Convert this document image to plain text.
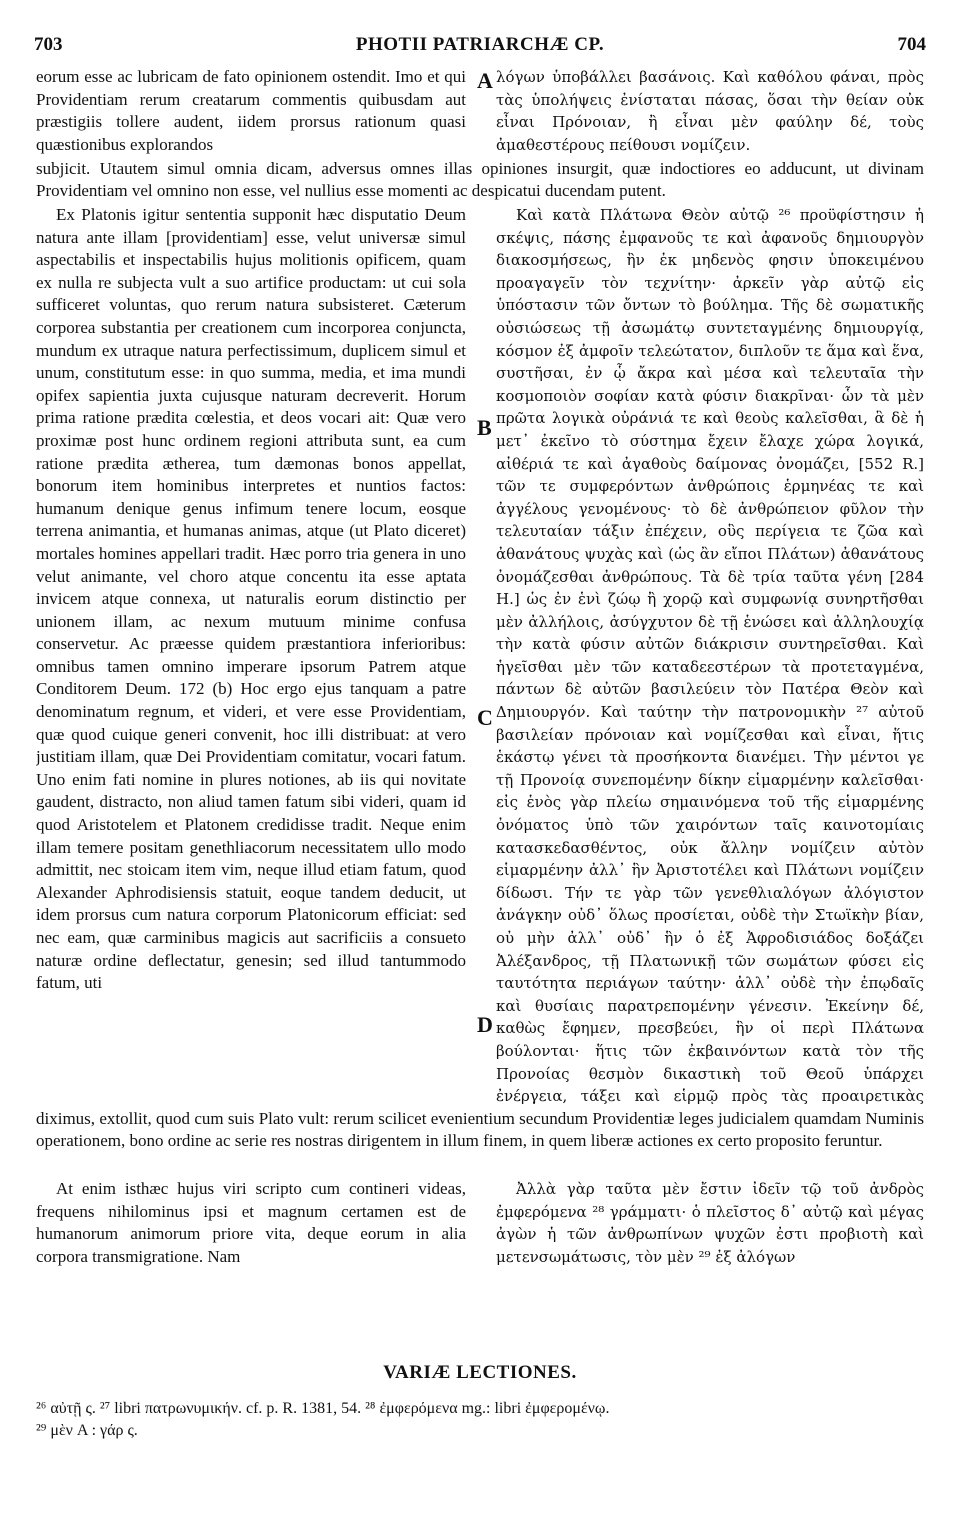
703	PHOTII PATRIARCHÆ CP.	704

eorum esse ac lubricam de fato opinionem ostendit. Imo et qui Providentiam rerum creatarum commentis quibusdam aut præstigiis tollere audent, iidem prorsus rationum quasi quæstionibus explorandos

A λόγων ὑποβάλλει βασάνοις. Καὶ καθόλου φάναι, πρὸς τὰς ὑπολήψεις ἐνίσταται πάσας, ὅσαι τὴν θείαν οὐκ εἶναι Πρόνοιαν, ἢ εἶναι μὲν φαύλην δέ, τοὺς ἀμαθεστέρους πείθουσι νομίζειν.

subjicit. Utautem simul omnia dicam, adversus omnes illas opiniones insurgit, quæ indoctiores eo adducunt, ut divinam Providentiam vel omnino non esse, vel nullius esse momenti ac despicatui ducendam putent.

Ex Platonis igitur sententia supponit hæc disputatio Deum natura ante illam [providentiam] esse, velut universæ simul aspectabilis et inspectabilis hujus molitionis opificem, quam ex nulla re subjecta vult a suo artifice productam: ut cui sola sufficeret voluntas, quo rerum natura subsisteret. Cæterum corporea substantia per creationem cum incorporea conjuncta, mundum ex utraque natura perfectissimum, duplicem simul et unum, constitutum esse: in quo summa, media, et ima mundi opifex sapientia juxta cujusque naturam decreverit. Horum prima ratione prædita cœlestia, et deos vocari ait: Quæ vero proximæ post hunc ordinem regioni attributa sunt, ea cum ratione prædita ætherea, tum dæmonas bonos appellat, bonorum item hominibus interpretes et nuntios factos: humanum denique genus infimum tenere locum, eosque terrena animantia, et humanas animas, atque (ut Plato diceret) mortales homines appellari tradit. Hæc porro tria genera in uno velut animante, vel choro atque concentu ita esse aptata invicem atque connexa, ut naturalis eorum distinctio per unionem illam, ac nexum mutuum minime confusa conservetur. Ac præesse quidem præstantiora inferioribus: omnibus tamen omnino imperare ipsorum Patrem atque Conditorem Deum. 172 (b) Hoc ergo ejus tanquam a patre denominatum regnum, et videri, et vere esse Providentiam, quæ quod cuique generi convenit, hoc illi distribuat: at vero justitiam illam, quæ Dei Providentiam comitatur, vocari fatum. Uno enim fati nomine in plures notiones, ab iis qui novitate gaudent, distracto, non aliud tamen fatum sibi videri, quam id quod Aristotelem et Platonem credidisse tradit. Neque enim illam temere positam genethliacorum necessitatem ullo modo admittit, nec stoicam item vim, neque illud etiam fatum, quod Alexander Aphrodisiensis statuit, eoque tandem deducit, ut idem prorsus cum natura corporum Platonicorum efficiat: sed nec eam, quæ carminibus magicis aut sacrificiis a consueto naturæ ordine deflectatur, genesin; sed illud tantummodo fatum, uti

B
C
D

Καὶ κατὰ Πλάτωνα Θεὸν αὐτῷ ²⁶ προϋφίστησιν ἡ σκέψις, πάσης ἐμφανοῦς τε καὶ ἀφανοῦς δημιουργὸν διακοσμήσεως, ἣν ἐκ μηδενὸς φησιν ὑποκειμένου προαγαγεῖν τὸν τεχνίτην· ἀρκεῖν γὰρ αὐτῷ εἰς ὑπόστασιν τῶν ὄντων τὸ βούλημα. Τῆς δὲ σωματικῆς οὐσιώσεως τῇ ἀσωμάτῳ συντεταγμένης δημιουργίᾳ, κόσμον ἐξ ἀμφοῖν τελεώτατον, διπλοῦν τε ἅμα καὶ ἕνα, συστῆσαι, ἐν ᾧ ἄκρα καὶ μέσα καὶ τελευταῖα τὴν κοσμοποιὸν σοφίαν κατὰ φύσιν διακρῖναι· ὧν τὰ μὲν πρῶτα λογικὰ οὐράνιά τε καὶ θεοὺς καλεῖσθαι, ἃ δὲ ἡ μετ᾽ ἐκεῖνο τὸ σύστημα ἔχειν ἔλαχε χώρα λογικά, αἰθέριά τε καὶ ἀγαθοὺς δαίμονας ὀνομάζει, [552 R.] τῶν τε συμφερόντων ἀνθρώποις ἑρμηνέας τε καὶ ἀγγέλους γενομένους· τὸ δὲ ἀνθρώπειον φῦλον τὴν τελευταίαν τάξιν ἐπέχειν, οὓς περίγεια τε ζῶα καὶ ἀθανάτους ψυχὰς καὶ (ὡς ἂν εἴποι Πλάτων) ἀθανάτους ὀνομάζεσθαι ἀνθρώπους. Τὰ δὲ τρία ταῦτα γένη [284 H.] ὡς ἐν ἑνὶ ζώῳ ἢ χορῷ καὶ συμφωνίᾳ συνηρτῆσθαι μὲν ἀλλήλοις, ἀσύγχυτον δὲ τῇ ἑνώσει καὶ ἀλληλουχίᾳ τὴν κατὰ φύσιν αὐτῶν διάκρισιν συντηρεῖσθαι. Καὶ ἡγεῖσθαι μὲν τῶν καταδεεστέρων τὰ προτεταγμένα, πάντων δὲ αὐτῶν βασιλεύειν τὸν Πατέρα Θεὸν καὶ Δημιουργόν. Καὶ ταύτην τὴν πατρονομικὴν ²⁷ αὐτοῦ βασιλείαν πρόνοιαν καὶ νομίζεσθαι καὶ εἶναι, ἥτις ἑκάστῳ γένει τὰ προσήκοντα διανέμει. Τὴν μέντοι γε τῇ Προνοίᾳ συνεπομένην δίκην εἱμαρμένην καλεῖσθαι· εἰς ἑνὸς γὰρ πλείω σημαινόμενα τοῦ τῆς εἱμαρμένης ὀνόματος ὑπὸ τῶν χαιρόντων ταῖς καινοτομίαις κατασκεδασθέντος, οὐκ ἄλλην νομίζειν αὐτὸν εἱμαρμένην ἀλλ᾽ ἣν Ἀριστοτέλει καὶ Πλάτωνι νομίζειν δίδωσι. Τήν τε γὰρ τῶν γενεθλιαλόγων ἀλόγιστον ἀνάγκην οὐδ᾽ ὅλως προσίεται, οὐδὲ τὴν Στωϊκὴν βίαν, οὐ μὴν ἀλλ᾽ οὐδ᾽ ἣν ὁ ἐξ Ἀφροδισιάδος δοξάζει Ἀλέξανδρος, τῇ Πλατωνικῇ τῶν σωμάτων φύσει εἰς ταυτότητα περιάγων ταύτην· ἀλλ᾽ οὐδὲ τὴν ἐπῳδαῖς καὶ θυσίαις παρατρεπομένην γένεσιν. Ἐκείνην δέ, καθὼς ἔφημεν, πρεσβεύει, ἣν οἱ περὶ Πλάτωνα βούλονται· ἥτις τῶν ἐκβαινόντων κατὰ τὸν τῆς Προνοίας θεσμὸν δικαστικὴ τοῦ Θεοῦ ὑπάρχει ἐνέργεια, τάξει καὶ εἱρμῷ πρὸς τὰς προαιρετικὰς

diximus, extollit, quod cum suis Plato vult: rerum scilicet evenientium secundum Providentiæ leges judicialem quamdam Numinis operationem, bono ordine ac serie res nostras dirigentem in illum finem, in quem liberæ actiones ex certo proposito feruntur.

At enim isthæc hujus viri scripto cum contineri videas, frequens nihilominus ipsi et magnum certamen est de humanorum animorum priore vita, deque eorum in alia corpora transmigratione. Nam

Ἀλλὰ γὰρ ταῦτα μὲν ἔστιν ἰδεῖν τῷ τοῦ ἀνδρὸς ἐμφερόμενα ²⁸ γράμματι· ὁ πλεῖστος δ᾽ αὐτῷ καὶ μέγας ἀγὼν ἡ τῶν ἀνθρωπίνων ψυχῶν ἐστι προβιοτὴ καὶ μετενσωμάτωσις, τὸν μὲν ²⁹ ἐξ ἀλόγων

VARIÆ LECTIONES.

²⁶ αὐτῇ ς. ²⁷ libri πατρωνυμικήν. cf. p. R. 1381, 54. ²⁸ ἐμφερόμενα mg.: libri ἐμφερομένῳ.

²⁹ μὲν A : γάρ ς.
